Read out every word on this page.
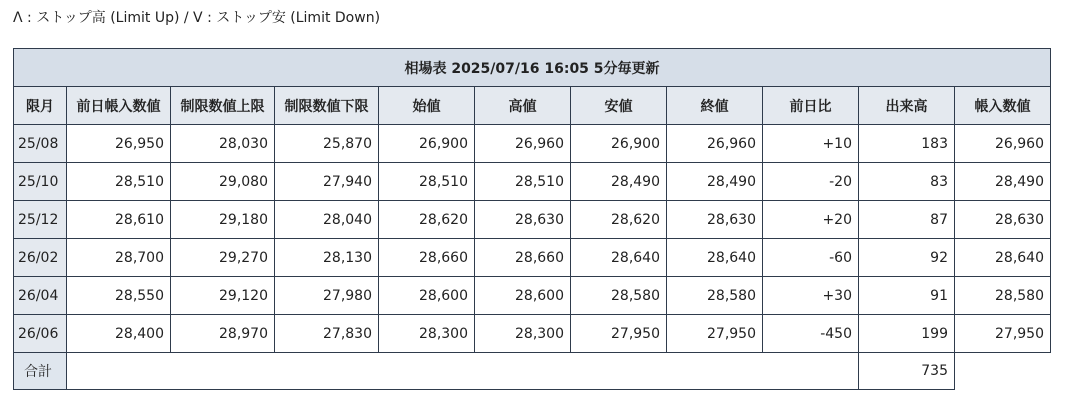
Λ : ストップ高 (Limit Up) / V : ストップ安 (Limit Down)
相場表 2025/07/16 16:05 5分毎更新										
限月	前日帳入数値	制限数値上限	制限数値下限	始値	高値	安値	終値	前日比	出来高	帳入数値
25/08	26,950	28,030	25,870	26,900	26,960	26,900	26,960	+10	183	26,960
25/10	28,510	29,080	27,940	28,510	28,510	28,490	28,490	-20	83	28,490
25/12	28,610	29,180	28,040	28,620	28,630	28,620	28,630	+20	87	28,630
26/02	28,700	29,270	28,130	28,660	28,660	28,640	28,640	-60	92	28,640
26/04	28,550	29,120	27,980	28,600	28,600	28,580	28,580	+30	91	28,580
26/06	28,400	28,970	27,830	28,300	28,300	27,950	27,950	-450	199	27,950
合計									735	
